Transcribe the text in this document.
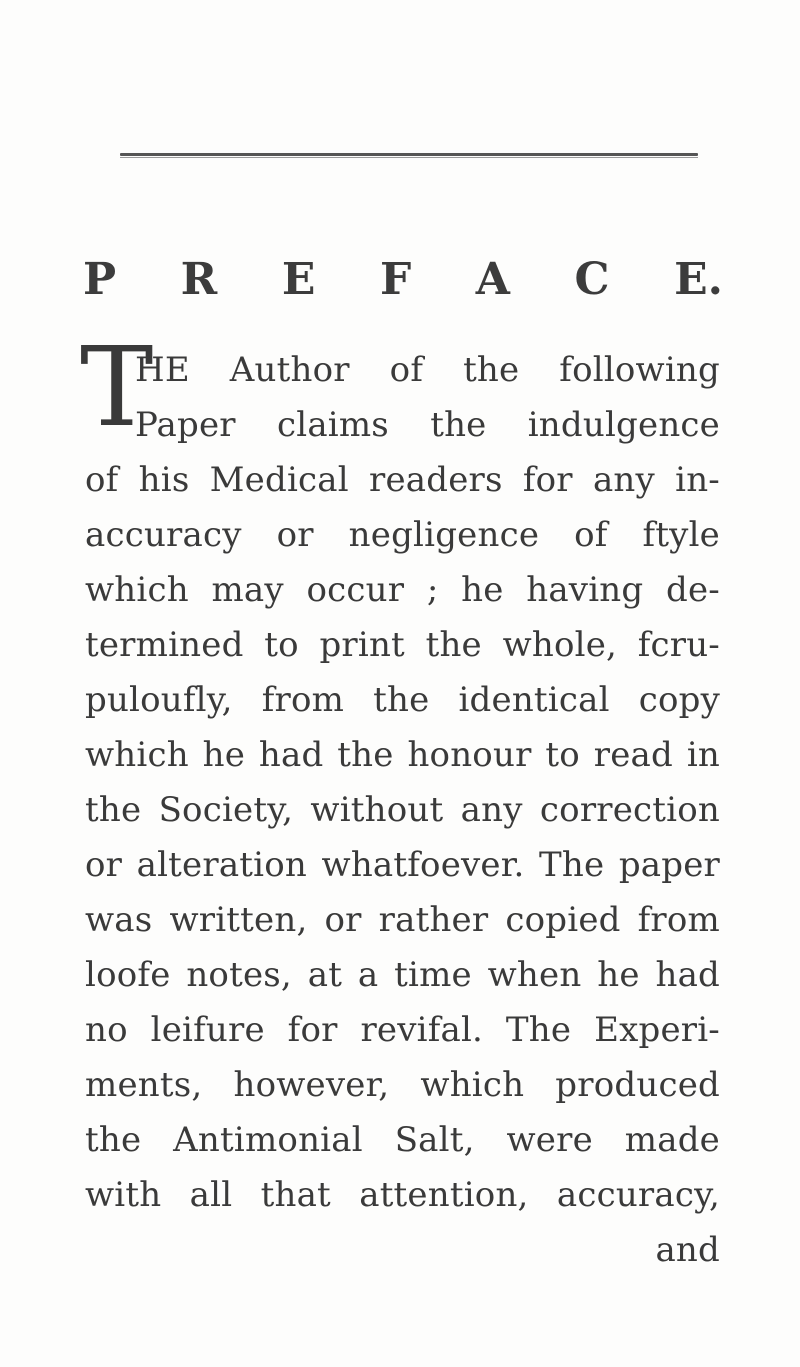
P R E F A C E.
T

HE Author of the following

Paper claims the indulgence

of his Medical readers for any in-

accuracy or negligence of ftyle

which may occur ; he having de-

termined to print the whole, fcru-

puloufly, from the identical copy

which he had the honour to read in

the Society, without any correction

or alteration whatfoever. The paper

was written, or rather copied from

loofe notes, at a time when he had

no leifure for revifal. The Experi-

ments, however, which produced

the Antimonial Salt, were made

with all that attention, accuracy,

and
